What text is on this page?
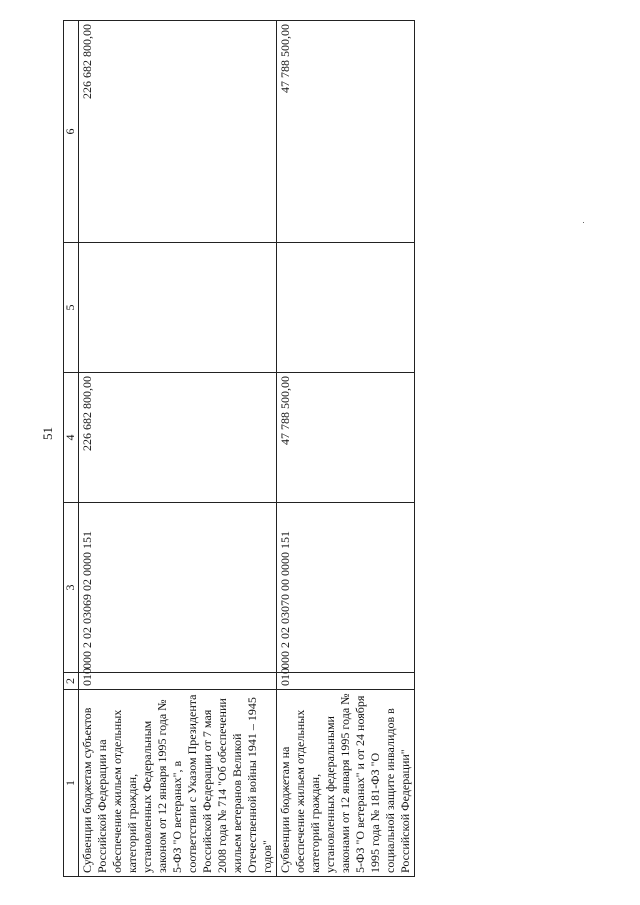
51
1	2	3	4	5	6
Субвенции бюджетам субъектов Российской Федерации на обеспечение жильем отдельных категорий граждан, установленных Федеральным законом от 12 января 1995 года № 5-ФЗ "О ветеранах", в соответствии с Указом Президента Российской Федерации от 7 мая 2008 года № 714 "Об обеспечении жильем ветеранов Великой Отечественной войны 1941 – 1945 годов"	010	000 2 02 03069 02 0000 151	226 682 800,00		226 682 800,00
Субвенции бюджетам на обеспечение жильем отдельных категорий граждан, установленных федеральными законами от 12 января 1995 года № 5-ФЗ "О ветеранах" и от 24 ноября 1995 года № 181-ФЗ "О социальной защите инвалидов в Российской Федерации"	010	000 2 02 03070 00 0000 151	47 788 500,00		47 788 500,00
